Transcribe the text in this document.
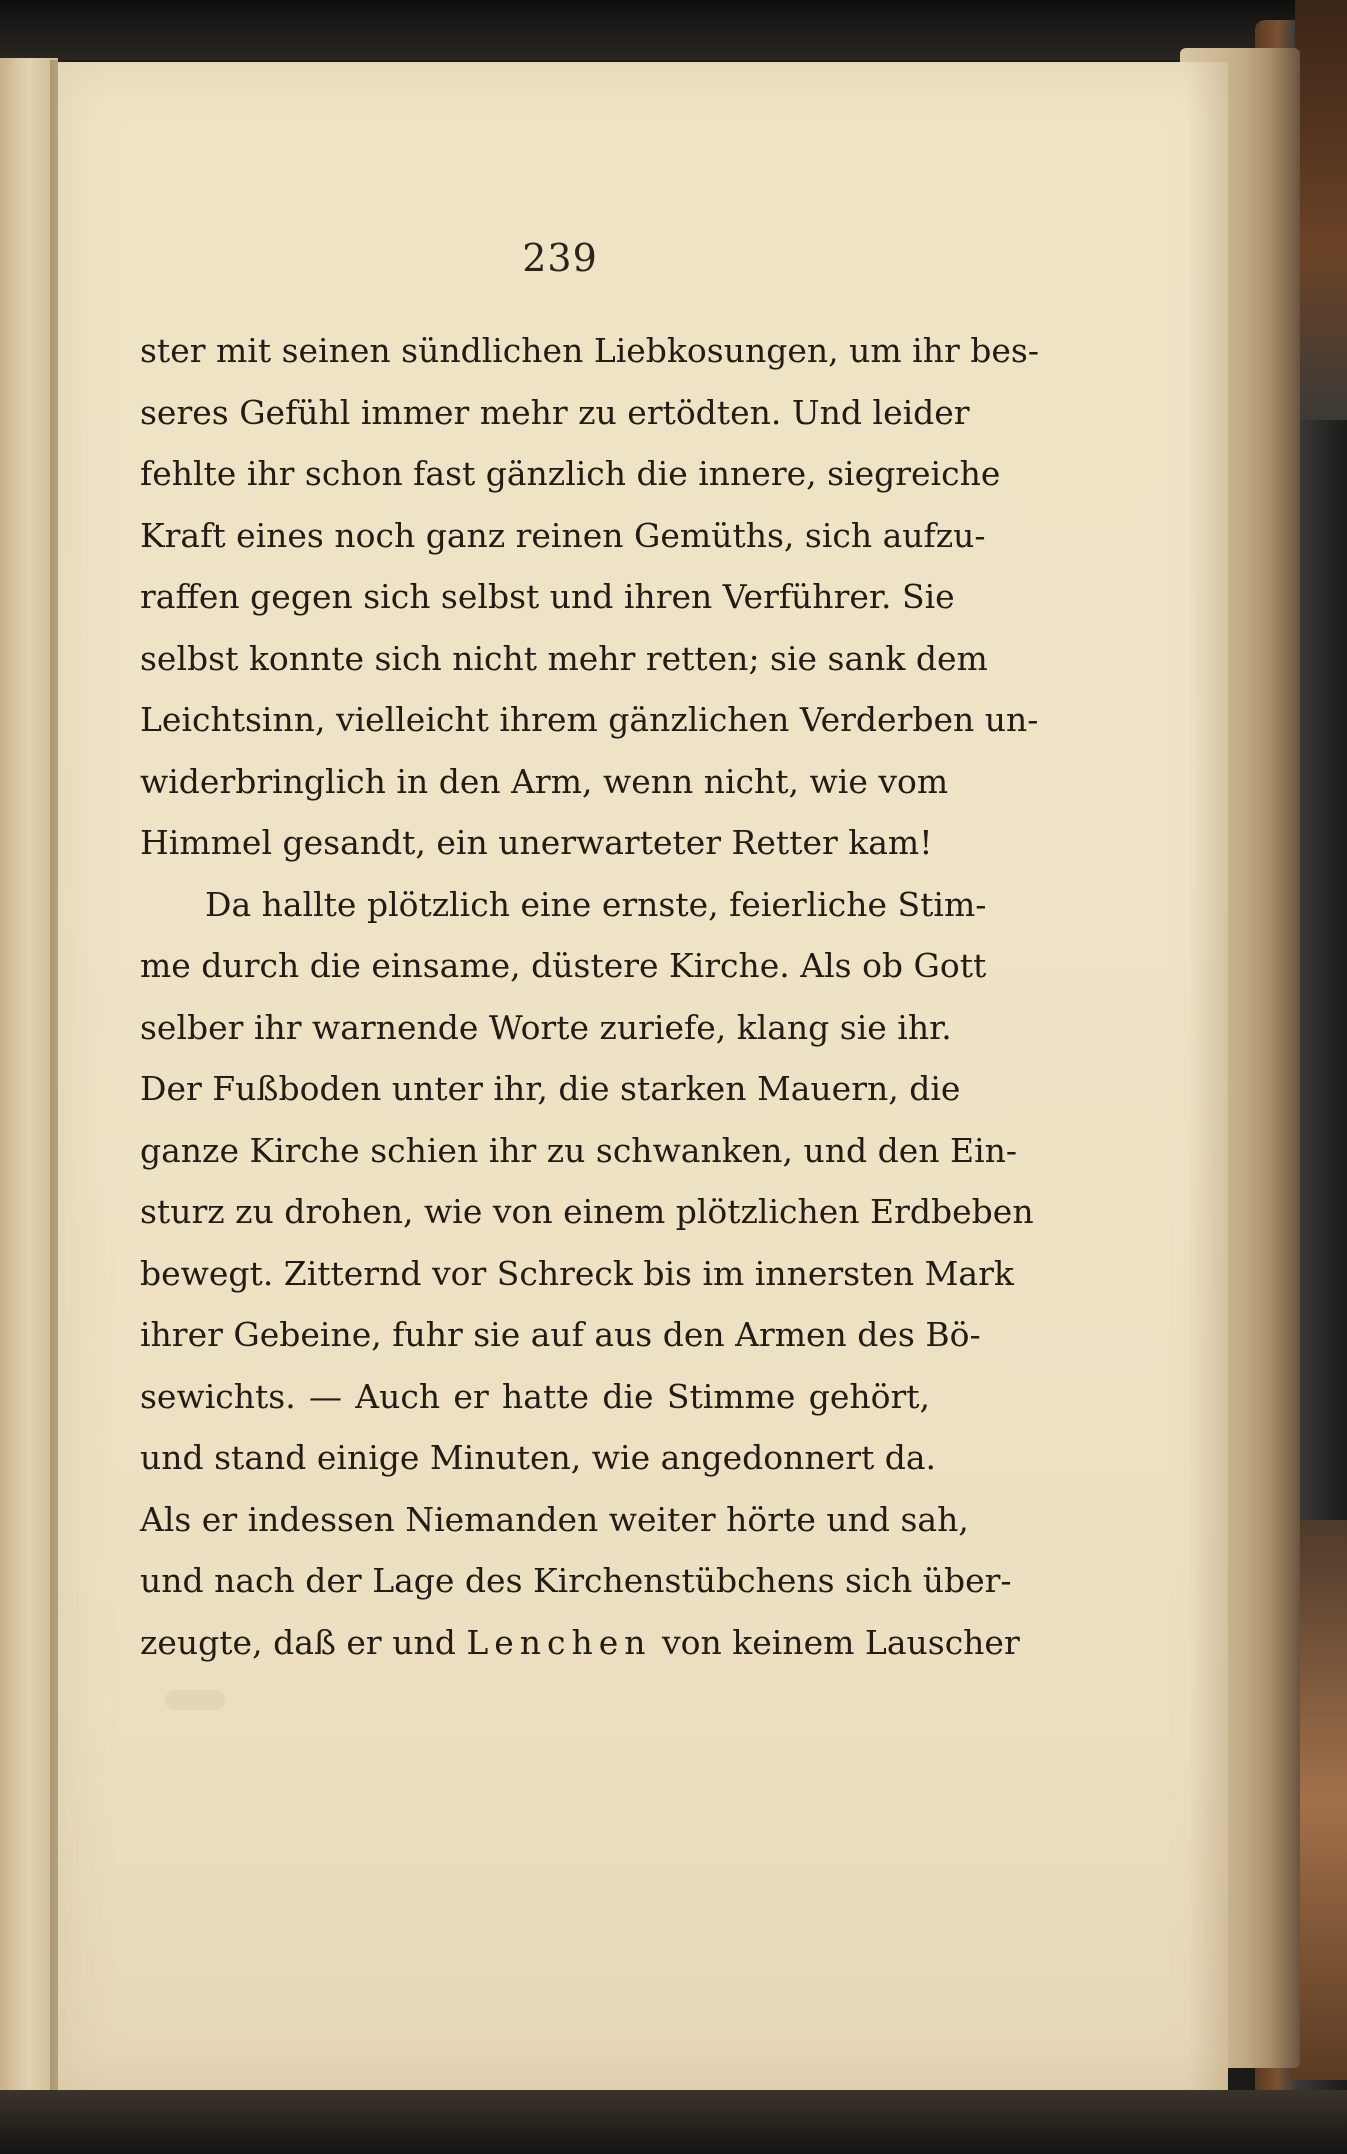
239
ster mit seinen sündlichen Liebkosungen, um ihr bes-
seres Gefühl immer mehr zu ertödten. Und leider
fehlte ihr schon fast gänzlich die innere, siegreiche
Kraft eines noch ganz reinen Gemüths, sich aufzu-
raffen gegen sich selbst und ihren Verführer. Sie
selbst konnte sich nicht mehr retten; sie sank dem
Leichtsinn, vielleicht ihrem gänzlichen Verderben un-
widerbringlich in den Arm, wenn nicht, wie vom
Himmel gesandt, ein unerwarteter Retter kam!
Da hallte plötzlich eine ernste, feierliche Stim-
me durch die einsame, düstere Kirche. Als ob Gott
selber ihr warnende Worte zuriefe, klang sie ihr.
Der Fußboden unter ihr, die starken Mauern, die
ganze Kirche schien ihr zu schwanken, und den Ein-
sturz zu drohen, wie von einem plötzlichen Erdbeben
bewegt. Zitternd vor Schreck bis im innersten Mark
ihrer Gebeine, fuhr sie auf aus den Armen des Bö-
sewichts. — Auch er hatte die Stimme gehört,
und stand einige Minuten, wie angedonnert da.
Als er indessen Niemanden weiter hörte und sah,
und nach der Lage des Kirchenstübchens sich über-
zeugte, daß er und Lenchen von keinem Lauscher
